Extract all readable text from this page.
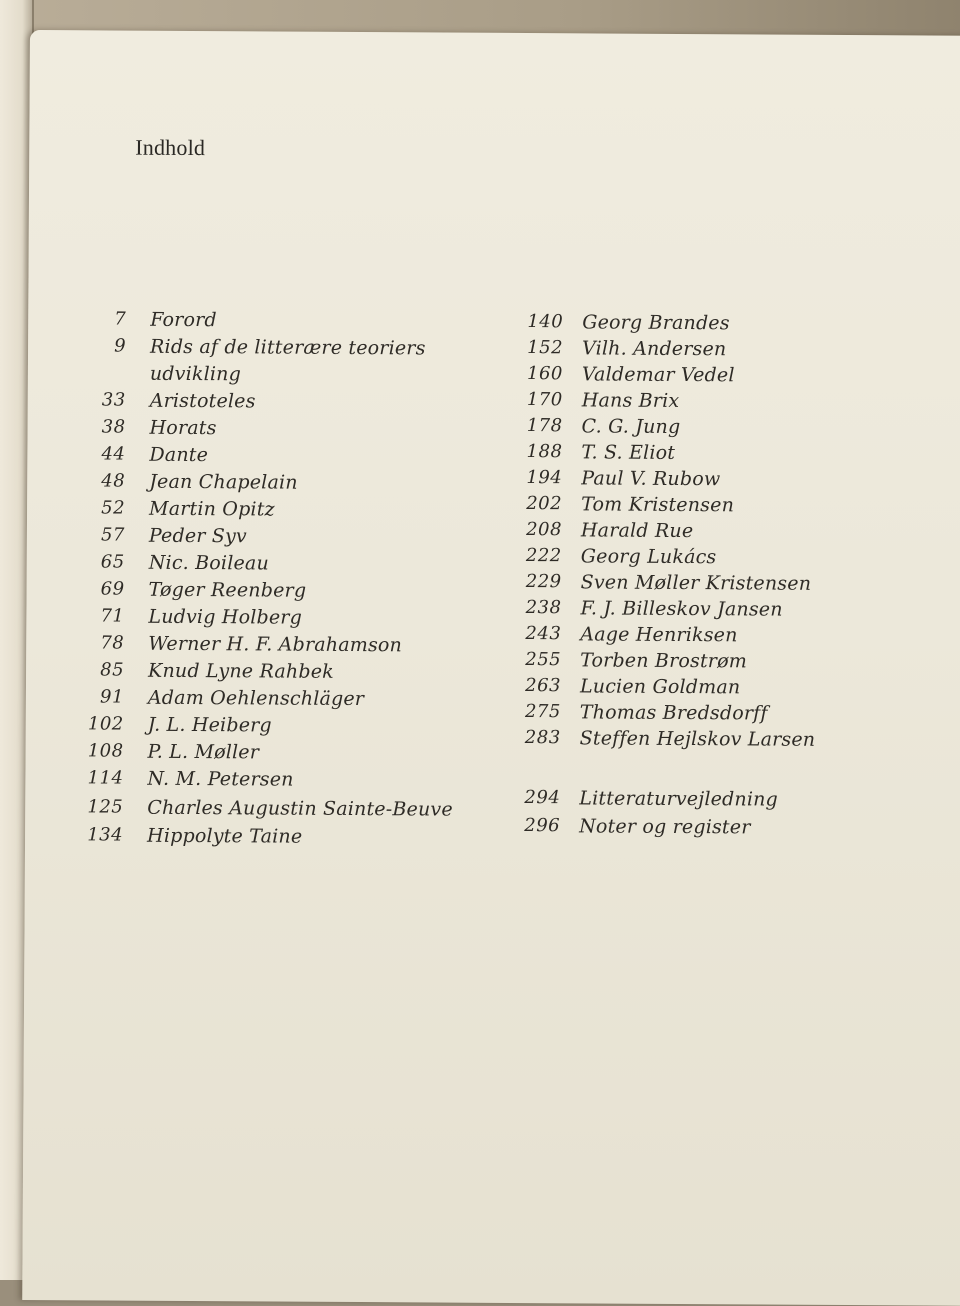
Indhold
7 Forord
9 Rids af de litterære teoriers
udvikling
33 Aristoteles
38 Horats
44 Dante
48 Jean Chapelain
52 Martin Opitz
57 Peder Syv
65 Nic. Boileau
69 Tøger Reenberg
71 Ludvig Holberg
78 Werner H. F. Abrahamson
85 Knud Lyne Rahbek
91 Adam Oehlenschläger
102 J. L. Heiberg
108 P. L. Møller
114 N. M. Petersen
125 Charles Augustin Sainte-Beuve
134 Hippolyte Taine
140 Georg Brandes
152 Vilh. Andersen
160 Valdemar Vedel
170 Hans Brix
178 C. G. Jung
188 T. S. Eliot
194 Paul V. Rubow
202 Tom Kristensen
208 Harald Rue
222 Georg Lukács
229 Sven Møller Kristensen
238 F. J. Billeskov Jansen
243 Aage Henriksen
255 Torben Brostrøm
263 Lucien Goldman
275 Thomas Bredsdorff
283 Steffen Hejlskov Larsen
294 Litteraturvejledning
296 Noter og register
